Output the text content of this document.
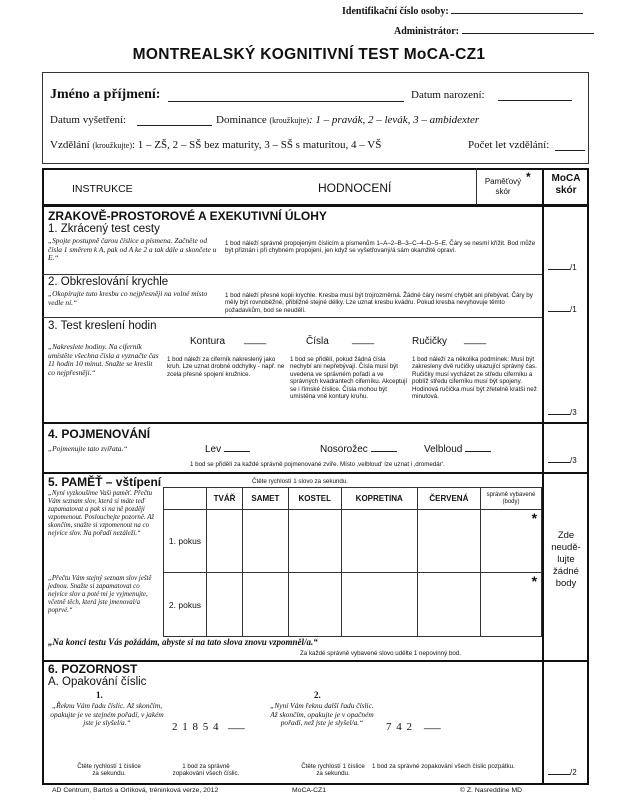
Identifikační číslo osoby:
Administrátor:
MONTREALSKÝ KOGNITIVNÍ TEST MoCA-CZ1
Jméno a příjmení:	Datum narození:
Datum vyšetření:	Dominance (kroužkujte): 1 – pravák, 2 – levák, 3 – ambidexter
Vzdělání (kroužkujte): 1 – ZŠ, 2 – SŠ bez maturity, 3 – SŠ s maturitou, 4 – VŠ	Počet let vzdělání:
INSTRUKCE	HODNOCENÍ	Paměťový skór
*	MoCA skór
ZRAKOVĚ-PROSTOROVÉ A EXEKUTIVNÍ ÚLOHY
1. Zkrácený test cesty
„Spojte postupně čarou číslice a písmena. Začněte od čísla 1 směrem k A, pak od A ke 2 a tak dále a skončete u E.“
1 bod náleží správně propojeným číslicím a písmenům 1–A–2–B–3–C–4–D–5–E. Čáry se nesmí křížit. Bod může být přiznán i při chybném propojení, jen když se vyšetřovaný/á sám okamžitě opraví.
/1
2. Obkreslování krychle
„Okopírujte tuto kresbu co nejpřesněji na volné místo vedle ní.“
1 bod náleží přesné kopii krychle. Kresba musí být trojrozměrná. Žádné čáry nesmí chybět ani přebývat. Čáry by měly být rovnoběžné, přibližně stejné délky. Lze uznat kresbu kvádru. Pokud kresba nevyhovuje těmto požadavkům, bod se neudělí.	/1
3. Test kreslení hodin
„Nakreslete hodiny. Na ciferník umístěte všechna čísla a vyznačte čas 11 hodin 10 minut. Snažte se kreslit co nejpřesněji.“
Kontura ____	Čísla ____	Ručičky ____
1 bod náleží za ciferník nakreslený jako kruh. Lze uznat drobné odchylky - např. ne zcela přesné spojení kružnice.
1 bod se přidělí, pokud žádná čísla nechybí ani nepřebývají. Čísla musí být uvedena ve správném pořadí a ve správných kvadrantech ciferníku. Akceptují se i římské číslice. Čísla mohou být umístěna vně kontury kruhu.
1 bod náleží za několika podmínek: Musí být zakresleny dvě ručičky ukazující správný čas. Ručičky musí vycházet ze středu ciferníku a poblíž středu ciferníku musí být spojeny. Hodinová ručička musí být zřetelně kratší než minutová.
/3
4. POJMENOVÁNÍ
„Pojmenujte tato zvířata.“	Lev	Nosorožec	Velbloud
1 bod se přidělí za každé správně pojmenované zvíře. Místo ‚velbloud‘ lze uznat i ‚dromedár‘.	/3
5. PAMĚŤ – vštípení	Čtěte rychlostí 1 slovo za sekundu.
„Nyní vyzkoušíme Vaši paměť. Přečtu Vám seznam slov, která si máte teď zapamatovat a pak si na ně později vzpomenout. Poslouchejte pozorně. Až skončím, snažte si vzpomenout na co nejvíce slov. Na pořadí nezáleží.“
„Přečtu Vám stejný seznam slov ještě jednou. Snažte si zapamatovat co nejvíce slov a poté mi je vyjmenujte, včetně těch, která jste jmenoval/a poprvé.“
	TVÁŘ	SAMET	KOSTEL	KOPRETINA	ČERVENÁ	správně vybavené (body)
1. pokus						*
2. pokus						*
„Na konci testu Vás požádám, abyste si na tato slova znovu vzpomněl/a.“
Za každé správně vybavené slovo udělte 1 nepovinný bod.
Zde neudě-lujte žádné body
6. POZORNOST
A. Opakování číslic
1.	2.
„Řeknu Vám řadu číslic. Až skončím, opakujte je ve stejném pořadí, v jakém jste je slyšel/a.“
„Nyní Vám řeknu další řadu číslic. Až skončím, opakujte je v opačném pořadí, než jste je slyšel/a.“
2 1 8 5 4 ___	7 4 2 ___
Čtěte rychlostí 1 číslice za sekundu.
1 bod za správně zopakování všech číslic.
Čtěte rychlostí 1 číslice za sekundu.
1 bod za správné zopakování všech číslic pozpátku.
/2
AD Centrum, Bartoš a Orlíková, tréninková verze, 2012	MoCA-CZ1	© Z. Nasreddine MD
